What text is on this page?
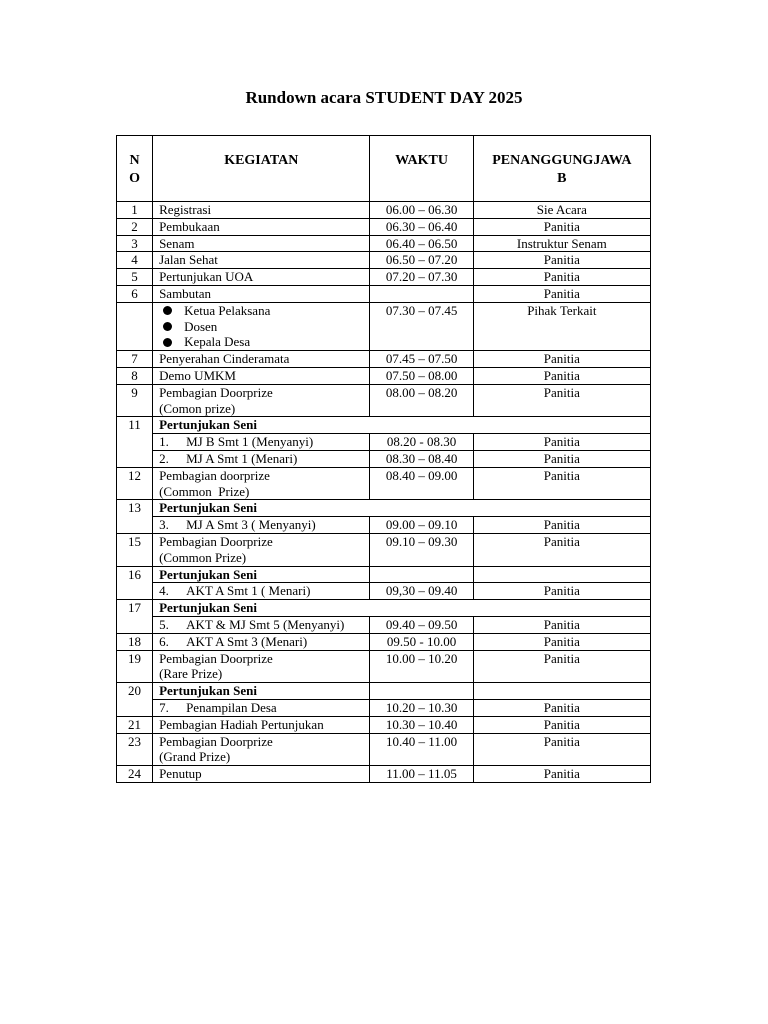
Rundown acara STUDENT DAY 2025
N
O	KEGIATAN	WAKTU	PENANGGUNGJAWA
B

1	Registrasi	06.00 – 06.30	Sie Acara
2	Pembukaan	06.30 – 06.40	Panitia
3	Senam	06.40 – 06.50	Instruktur Senam
4	Jalan Sehat	06.50 – 07.20	Panitia
5	Pertunjukan UOA	07.20 – 07.30	Panitia
6	Sambutan		Panitia

	Ketua Pelaksana
Dosen
Kepala Desa	07.30 – 07.45	Pihak Terkait
7	Penyerahan Cinderamata	07.45 – 07.50	Panitia
8	Demo UMKM	07.50 – 08.00	Panitia
9	Pembagian Doorprize
(Comon prize)	08.00 – 08.20	Panitia
11	Pertunjukan Seni		
	1. MJ B Smt 1 (Menyanyi)	08.20 - 08.30	Panitia
	2. MJ A Smt 1 (Menari)	08.30 – 08.40	Panitia
12	Pembagian doorprize
(Common  Prize)	08.40 – 09.00	Panitia
13	Pertunjukan Seni		
	3. MJ A Smt 3 ( Menyanyi)	09.00 – 09.10	Panitia
15	Pembagian Doorprize
(Common Prize)	09.10 – 09.30	Panitia
16	Pertunjukan Seni		
	4. AKT A Smt 1 ( Menari)	09,30 – 09.40	Panitia
17	Pertunjukan Seni		
	5. AKT & MJ Smt 5 (Menyanyi)	09.40 – 09.50	Panitia
18	6. AKT A Smt 3 (Menari)	09.50 - 10.00	Panitia
19	Pembagian Doorprize
(Rare Prize)	10.00 – 10.20	Panitia
20	Pertunjukan Seni		
	7. Penampilan Desa	10.20 – 10.30	Panitia
21	Pembagian Hadiah Pertunjukan	10.30 – 10.40	Panitia
23	Pembagian Doorprize
(Grand Prize)	10.40 – 11.00	Panitia
24	Penutup	11.00 – 11.05	Panitia
